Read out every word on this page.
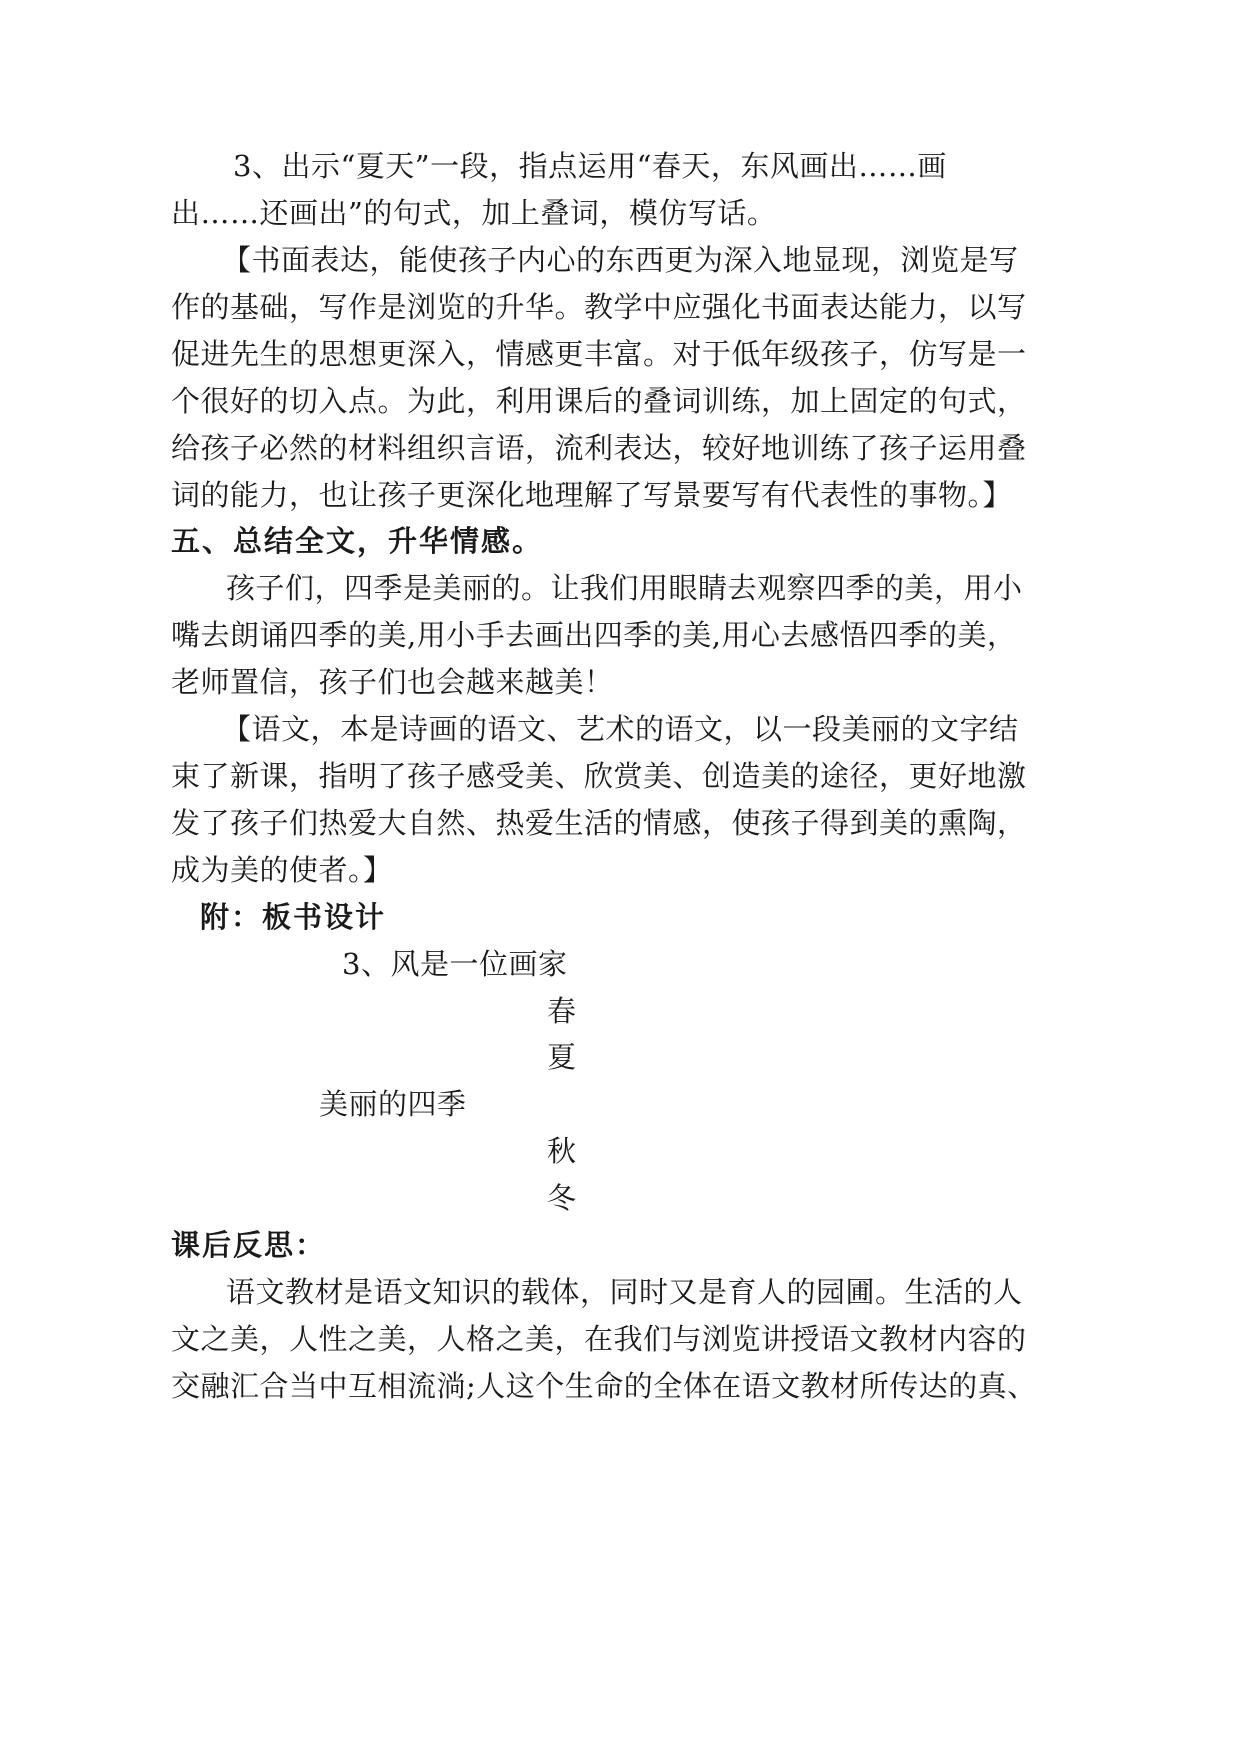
3、出示“夏天”一段，指点运用“春天，东风画出……画
出……还画出”的句式，加上叠词，模仿写话。
【书面表达，能使孩子内心的东西更为深入地显现，浏览是写
作的基础，写作是浏览的升华。教学中应强化书面表达能力，以写
促进先生的思想更深入，情感更丰富。对于低年级孩子，仿写是一
个很好的切入点。为此，利用课后的叠词训练，加上固定的句式，
给孩子必然的材料组织言语，流利表达，较好地训练了孩子运用叠
词的能力，也让孩子更深化地理解了写景要写有代表性的事物。】
五、总结全文，升华情感。
孩子们，四季是美丽的。让我们用眼睛去观察四季的美，用小
嘴去朗诵四季的美,用小手去画出四季的美,用心去感悟四季的美，
老师置信，孩子们也会越来越美！
【语文，本是诗画的语文、艺术的语文，以一段美丽的文字结
束了新课，指明了孩子感受美、欣赏美、创造美的途径，更好地激
发了孩子们热爱大自然、热爱生活的情感，使孩子得到美的熏陶，
成为美的使者。】
附：板书设计
3、风是一位画家
春
夏
美丽的四季
秋
冬
课后反思：
语文教材是语文知识的载体，同时又是育人的园圃。生活的人
文之美，人性之美，人格之美，在我们与浏览讲授语文教材内容的
交融汇合当中互相流淌;人这个生命的全体在语文教材所传达的真、
